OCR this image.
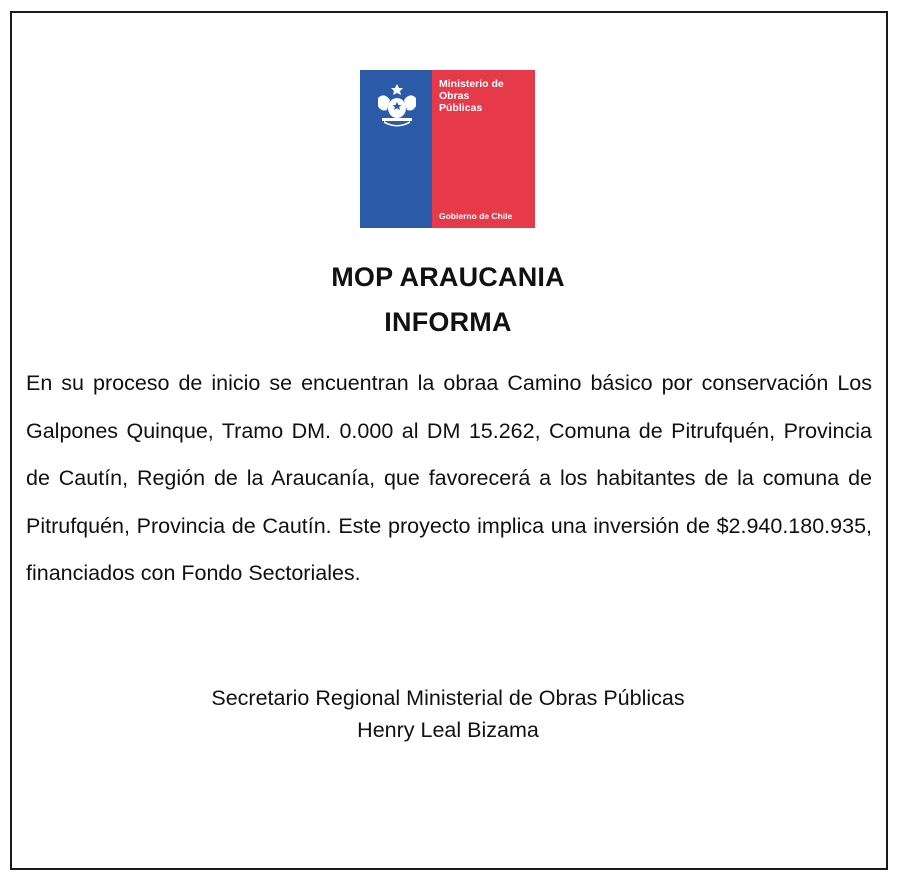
Ministerio de
Obras
Públicas
Gobierno de Chile
MOP ARAUCANIA
INFORMA

En su proceso de inicio se encuentran la obraa Camino básico por conservación Los Galpones Quinque, Tramo DM. 0.000 al DM 15.262, Comuna de Pitrufquén, Provincia de Cautín, Región de la Araucanía, que favorecerá a los habitantes de la comuna de Pitrufquén, Provincia de Cautín. Este proyecto implica una inversión de $2.940.180.935, financiados con Fondo Sectoriales.

Secretario Regional Ministerial de Obras Públicas
Henry Leal Bizama
